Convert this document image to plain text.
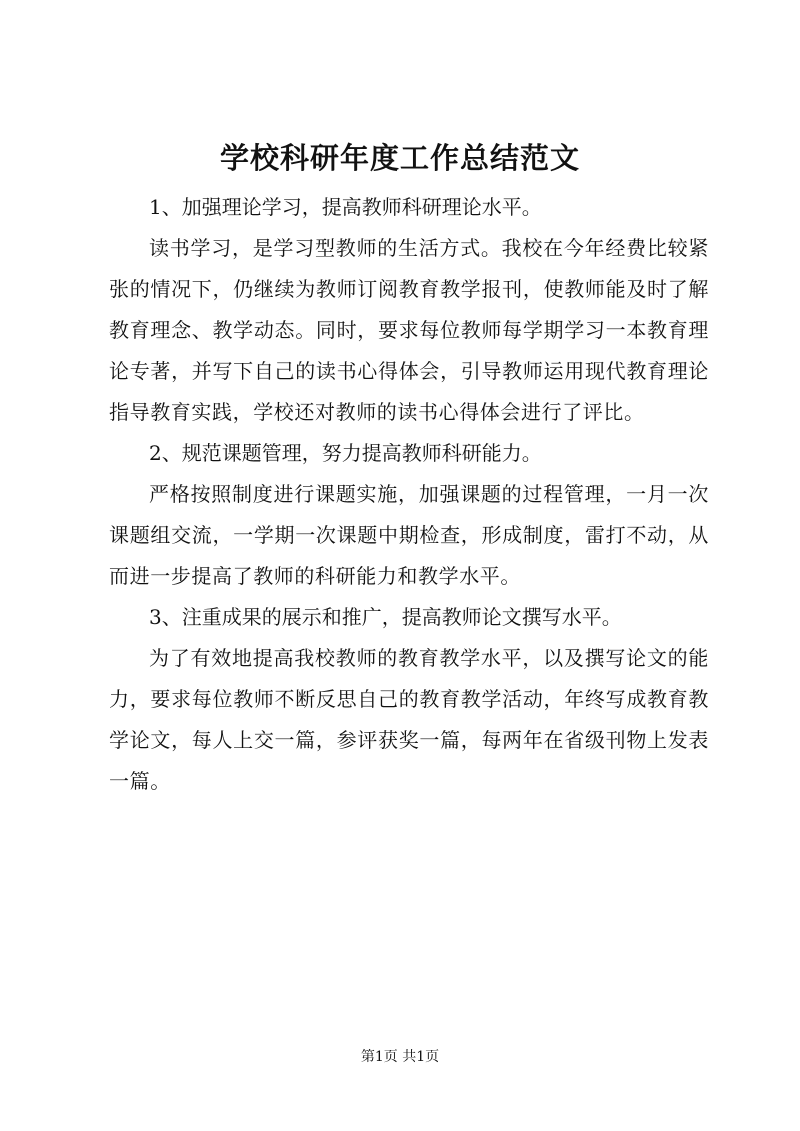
学校科研年度工作总结范文

1、加强理论学习，提高教师科研理论水平。

读书学习，是学习型教师的生活方式。我校在今年经费比较紧张的情况下，仍继续为教师订阅教育教学报刊，使教师能及时了解教育理念、教学动态。同时，要求每位教师每学期学习一本教育理论专著，并写下自己的读书心得体会，引导教师运用现代教育理论指导教育实践，学校还对教师的读书心得体会进行了评比。

2、规范课题管理，努力提高教师科研能力。

严格按照制度进行课题实施，加强课题的过程管理，一月一次课题组交流，一学期一次课题中期检查，形成制度，雷打不动，从而进一步提高了教师的科研能力和教学水平。

3、注重成果的展示和推广，提高教师论文撰写水平。

为了有效地提高我校教师的教育教学水平，以及撰写论文的能力，要求每位教师不断反思自己的教育教学活动，年终写成教育教学论文，每人上交一篇，参评获奖一篇，每两年在省级刊物上发表一篇。

第1页 共1页
